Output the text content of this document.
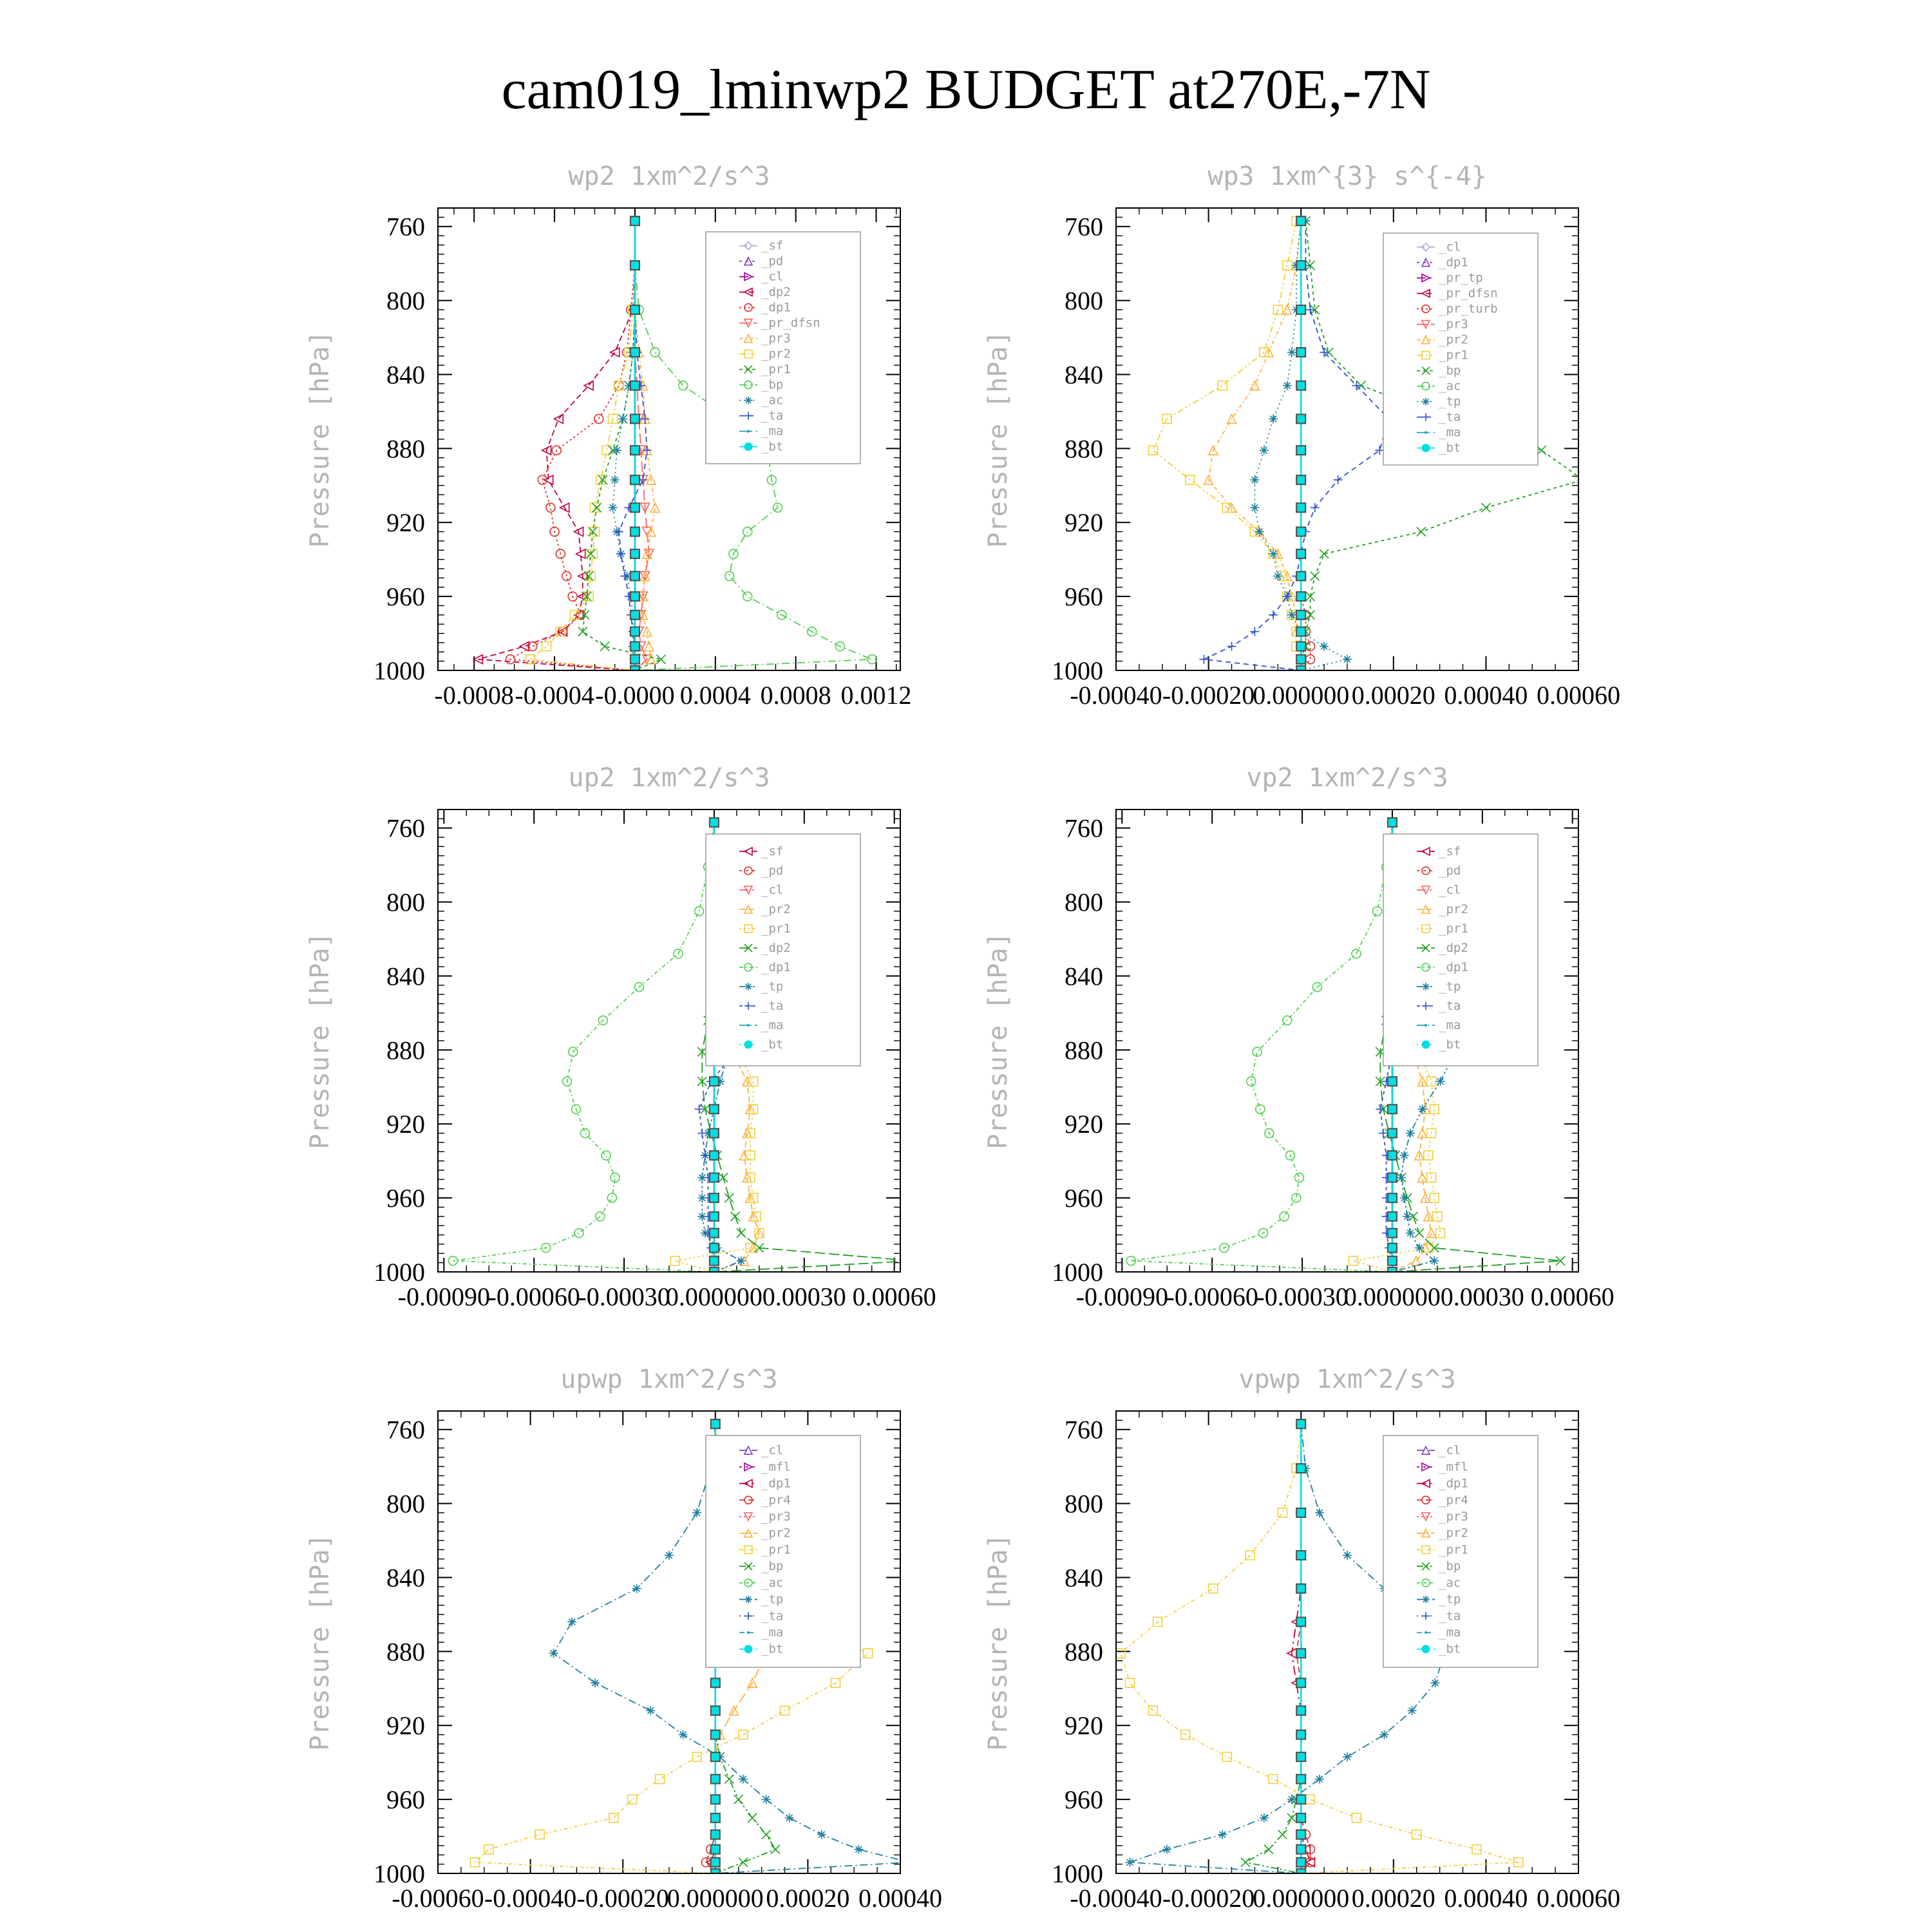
cam019_lminwp2 BUDGET at270E,-7N
wp2 1xm^2/s^3
Pressure [hPa]
760
800
840
880
920
960
1000
-0.0008 -0.0004 -0.0000 0.0004 0.0008 0.0012
_sf
_pd
_cl
_dp2
_dp1
_pr_dfsn
_pr3
_pr2
_pr1
_bp
_ac
_ta
_ma
_bt
wp3 1xm^{3} s^{-4}
Pressure [hPa]
760
800
840
880
920
960
1000
-0.00040 -0.00020
0.000000 0.00020 0.00040 0.00060
_cl
_dp1
_pr_tp
_pr_dfsn
_pr_turb
_pr3
_pr2
_pr1
_bp
_ac
_tp
_ta
_ma
_bt
up2 1xm^2/s^3
Pressure [hPa]
760
800
840
880
920
960
1000
-0.00090
-0.00060
-0.00030
0.000000 0.00030 0.00060
_sf
_pd
_cl
_pr2
_pr1
_dp2
_dp1
_tp
_ta
_ma
_bt
vp2 1xm^2/s^3
Pressure [hPa]
760
800
840
880
920
960
1000
-0.00090
-0.00060
-0.00030
0.000000 0.00030 0.00060
_sf
_pd
_cl
_pr2
_pr1
_dp2
_dp1
_tp
_ta
_ma
_bt
upwp 1xm^2/s^3
Pressure [hPa]
760
800
840
880
920
960
1000
-0.00060 -0.00040 -0.00020
0.000000 0.00020 0.00040
_cl
_mfl
_dp1
_pr4
_pr3
_pr2
_pr1
_bp
_ac
_tp
_ta
_ma
_bt
vpwp 1xm^2/s^3
Pressure [hPa]
760
800
840
880
920
960
1000
-0.00040 -0.00020
0.000000 0.00020 0.00040 0.00060
_cl
_mfl
_dp1
_pr4
_pr3
_pr2
_pr1
_bp
_ac
_tp
_ta
_ma
_bt
